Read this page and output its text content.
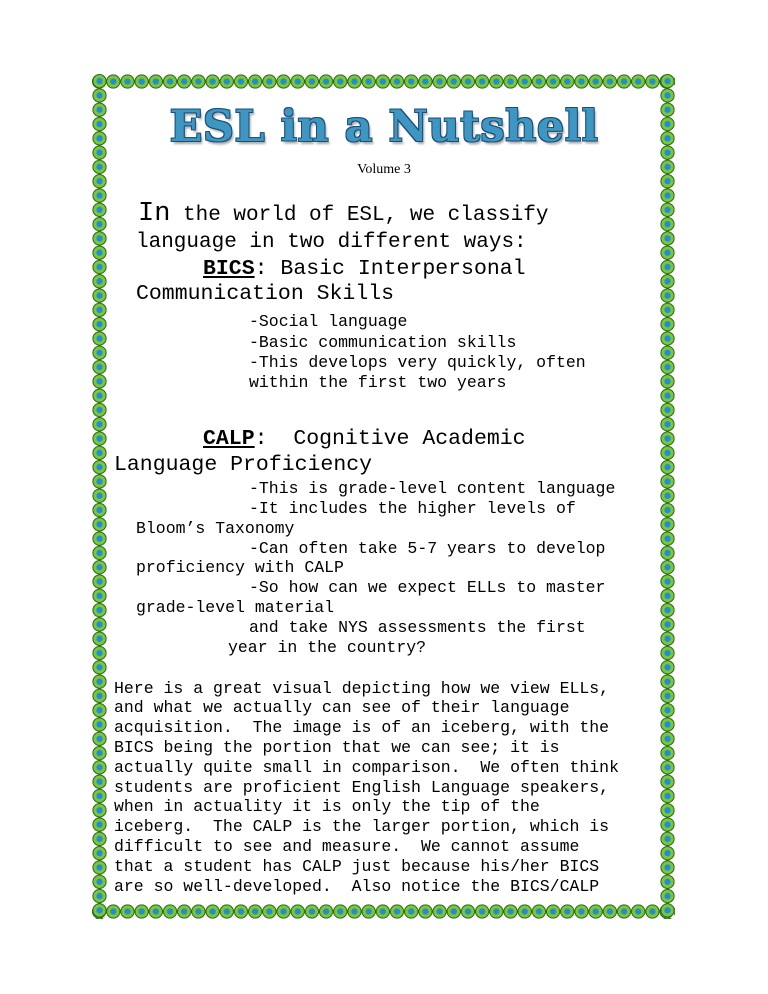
ESL in a Nutshell
Volume 3
In the world of ESL, we classify
language in two different ways:
BICS: Basic Interpersonal
Communication Skills
-Social language
-Basic communication skills
-This develops very quickly, often
within the first two years
CALP:  Cognitive Academic
Language Proficiency
-This is grade-level content language
-It includes the higher levels of
Bloom’s Taxonomy
-Can often take 5-7 years to develop
proficiency with CALP
-So how can we expect ELLs to master
grade-level material
and take NYS assessments the first
year in the country?
Here is a great visual depicting how we view ELLs,
and what we actually can see of their language
acquisition.  The image is of an iceberg, with the
BICS being the portion that we can see; it is
actually quite small in comparison.  We often think
students are proficient English Language speakers,
when in actuality it is only the tip of the
iceberg.  The CALP is the larger portion, which is
difficult to see and measure.  We cannot assume
that a student has CALP just because his/her BICS
are so well-developed.  Also notice the BICS/CALP
